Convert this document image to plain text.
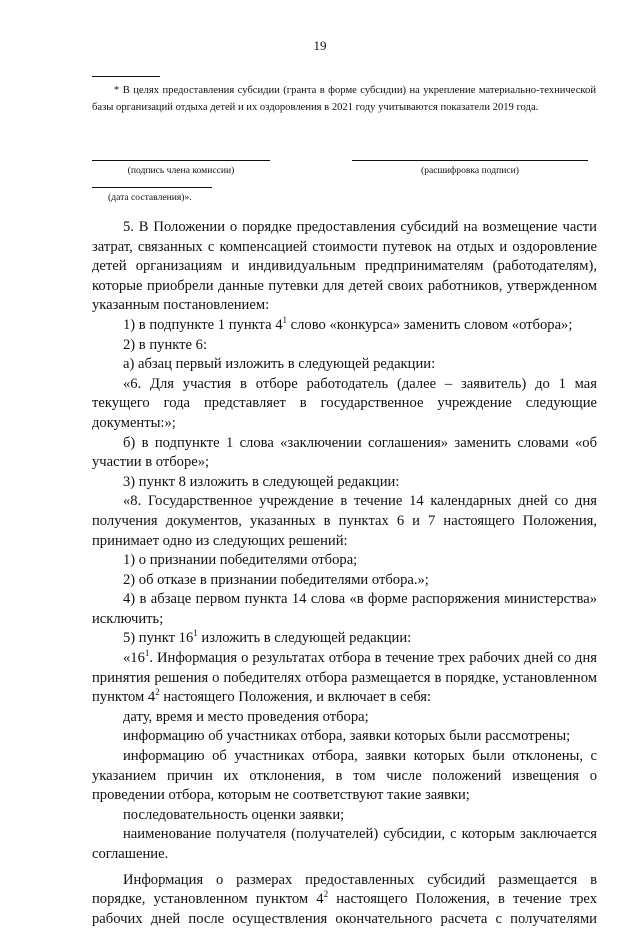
19
* В целях предоставления субсидии (гранта в форме субсидии) на укрепление материально-технической базы организаций отдыха детей и их оздоровления в 2021 году учитываются показатели 2019 года.
(подпись члена комиссии)	(расшифровка подписи)
(дата составления)».

5. В Положении о порядке предоставления субсидий на возмещение части затрат, связанных с компенсацией стоимости путевок на отдых и оздоровление детей организациям и индивидуальным предпринимателям (работодателям), которые приобрели данные путевки для детей своих работников, утвержденном указанным постановлением:

1) в подпункте 1 пункта $4^1$ слово «конкурса» заменить словом «отбора»;

2) в пункте 6:

а) абзац первый изложить в следующей редакции:

«6. Для участия в отборе работодатель (далее – заявитель) до 1 мая текущего года представляет в государственное учреждение следующие документы:»;

б) в подпункте 1 слова «заключении соглашения» заменить словами «об участии в отборе»;

3) пункт 8 изложить в следующей редакции:

«8. Государственное учреждение в течение 14 календарных дней со дня получения документов, указанных в пунктах 6 и 7 настоящего Положения, принимает одно из следующих решений:

1) о признании победителями отбора;

2) об отказе в признании победителями отбора.»;

4) в абзаце первом пункта 14 слова «в форме распоряжения министерства» исключить;

5) пункт $16^1$ изложить в следующей редакции:

«$16^1$. Информация о результатах отбора в течение трех рабочих дней со дня принятия решения о победителях отбора размещается в порядке, установленном пунктом $4^2$ настоящего Положения, и включает в себя:

дату, время и место проведения отбора;

информацию об участниках отбора, заявки которых были рассмотрены;

информацию об участниках отбора, заявки которых были отклонены, с указанием причин их отклонения, в том числе положений извещения о проведении отбора, которым не соответствуют такие заявки;

последовательность оценки заявки;

наименование получателя (получателей) субсидии, с которым заключается соглашение.

Информация о размерах предоставленных субсидий размещается в порядке, установленном пунктом $4^2$ настоящего Положения, в течение трех рабочих дней после осуществления окончательного расчета с получателями
